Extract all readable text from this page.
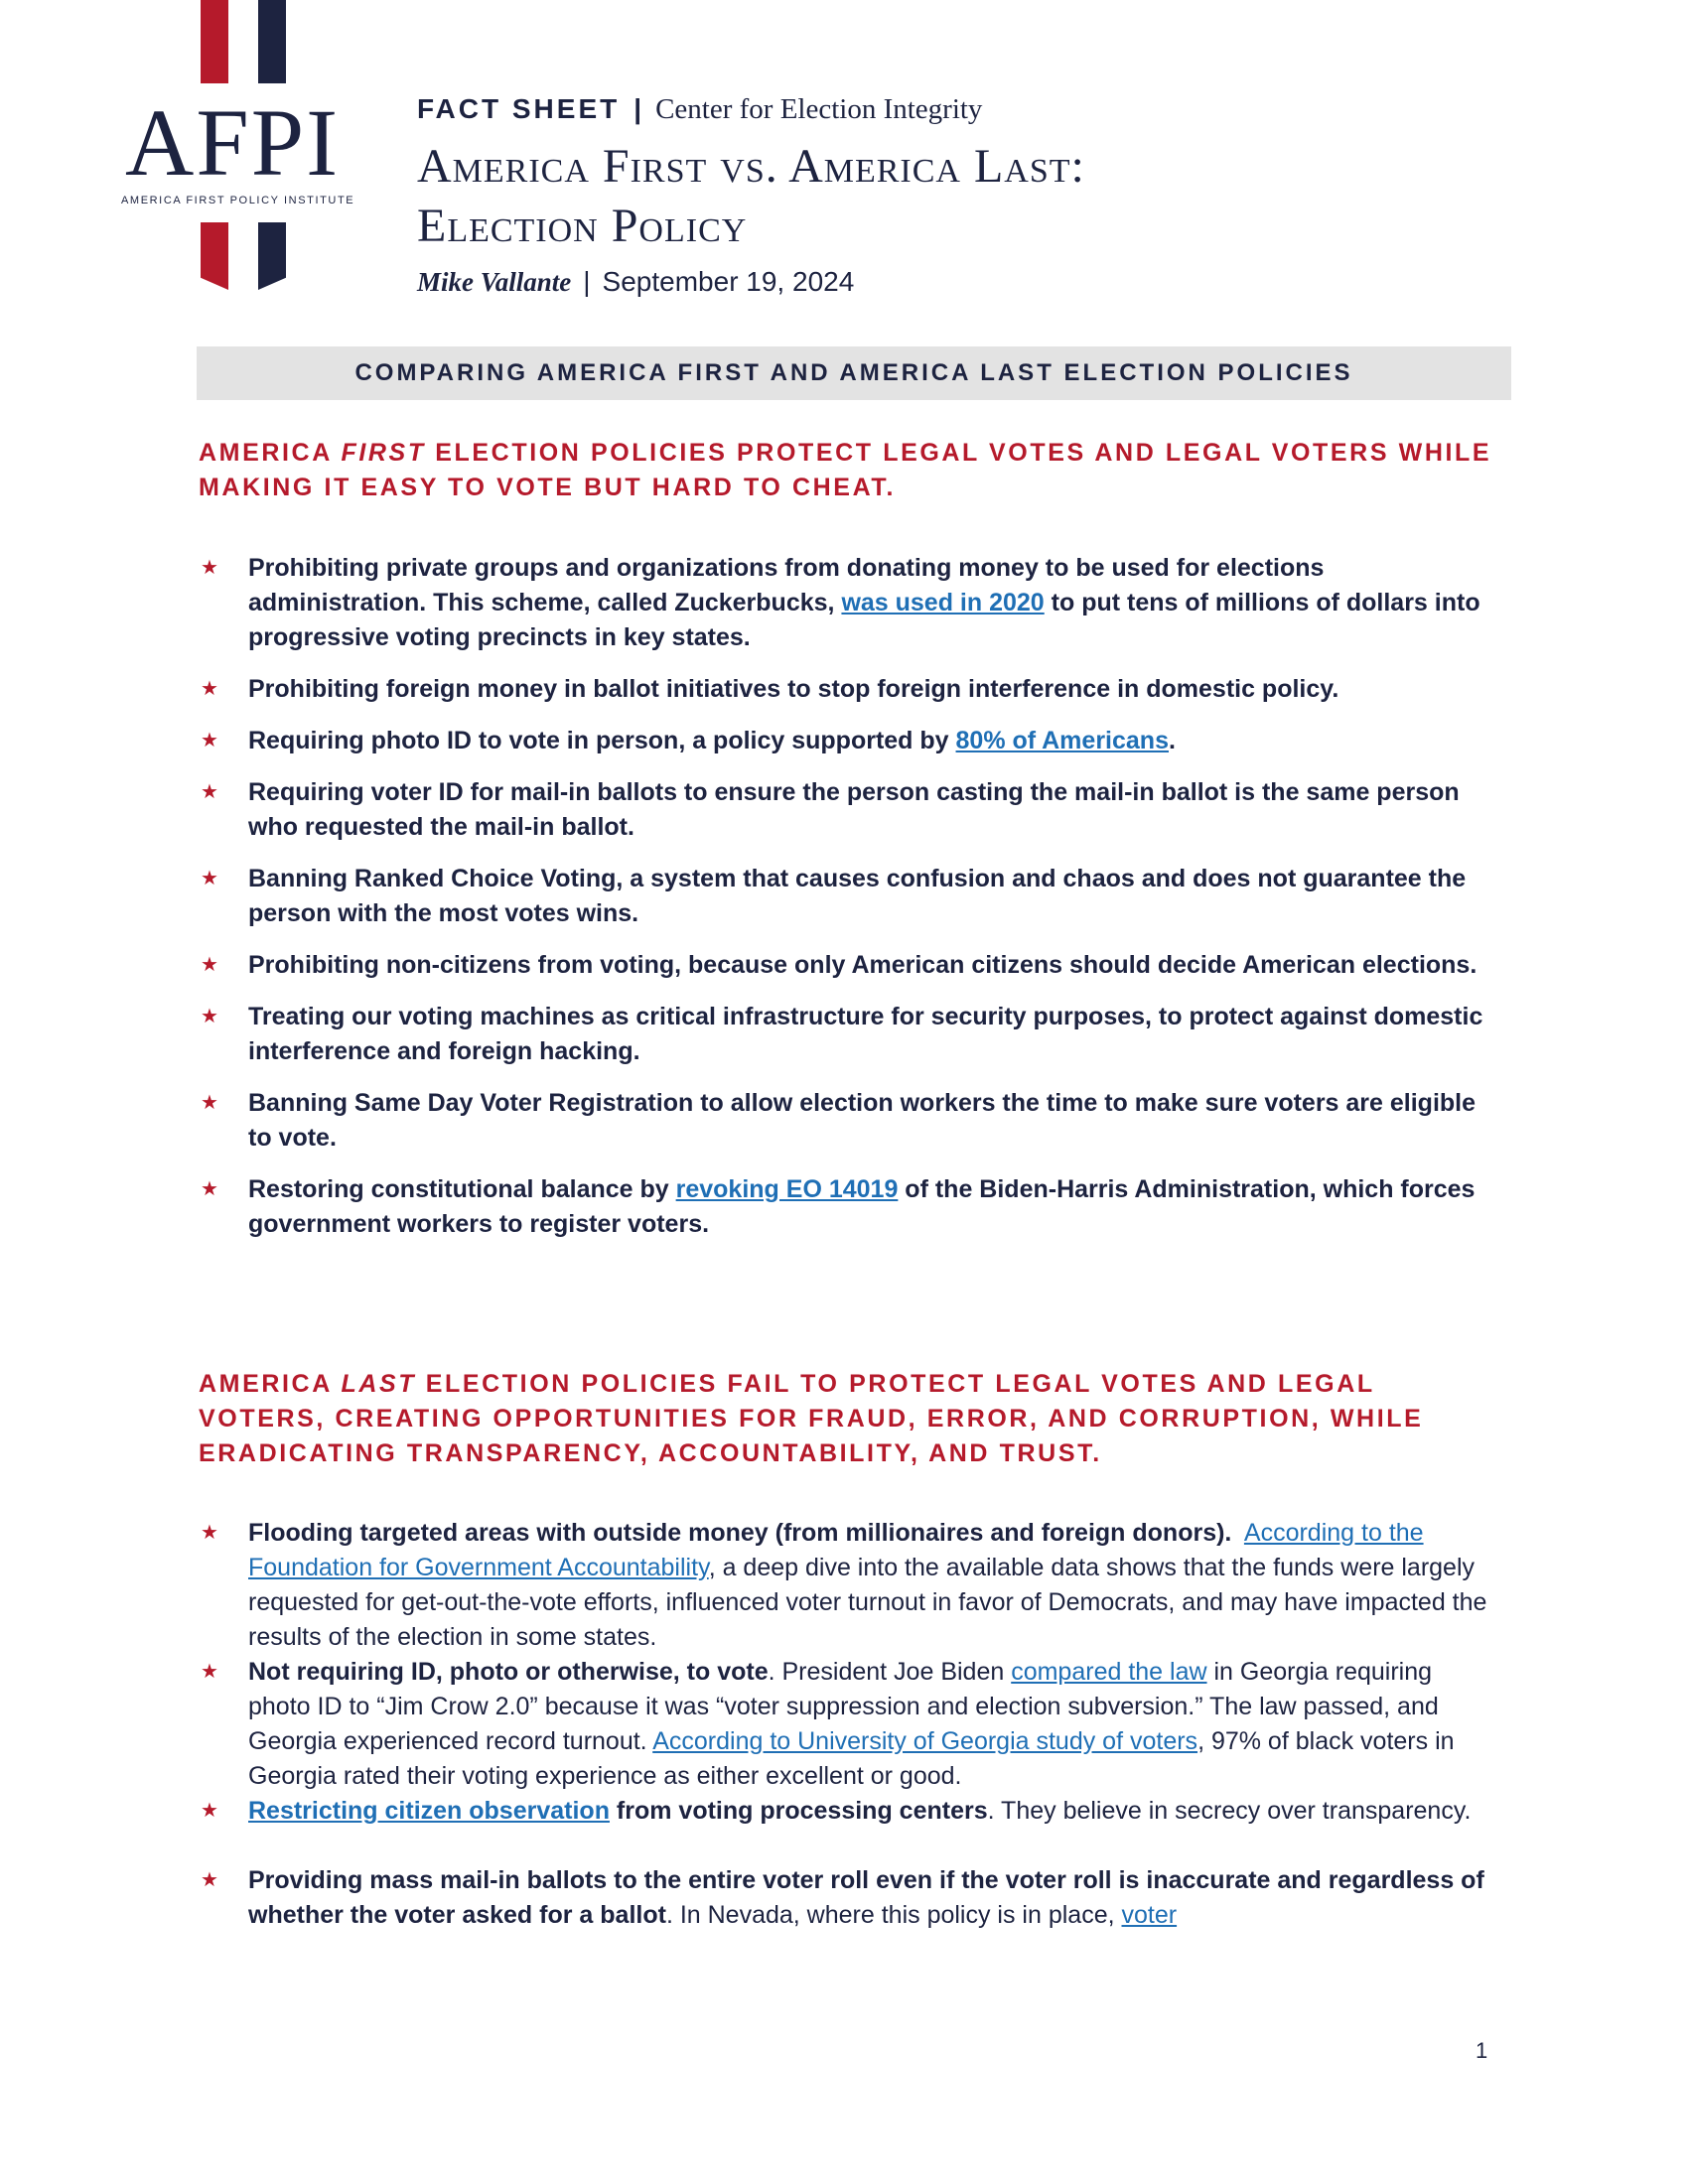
AFPI
AMERICA FIRST POLICY INSTITUTE
FACT SHEET | Center for Election Integrity
America First vs. America Last:
Election Policy
Mike Vallante | September 19, 2024
COMPARING AMERICA FIRST AND AMERICA LAST ELECTION POLICIES
AMERICA FIRST ELECTION POLICIES PROTECT LEGAL VOTES AND LEGAL VOTERS WHILE MAKING IT EASY TO VOTE BUT HARD TO CHEAT.
★ Prohibiting private groups and organizations from donating money to be used for elections administration. This scheme, called Zuckerbucks, was used in 2020 to put tens of millions of dollars into progressive voting precincts in key states.
★ Prohibiting foreign money in ballot initiatives to stop foreign interference in domestic policy.
★ Requiring photo ID to vote in person, a policy supported by 80% of Americans.
★ Requiring voter ID for mail-in ballots to ensure the person casting the mail-in ballot is the same person who requested the mail-in ballot.
★ Banning Ranked Choice Voting, a system that causes confusion and chaos and does not guarantee the person with the most votes wins.
★ Prohibiting non-citizens from voting, because only American citizens should decide American elections.
★ Treating our voting machines as critical infrastructure for security purposes, to protect against domestic interference and foreign hacking.
★ Banning Same Day Voter Registration to allow election workers the time to make sure voters are eligible to vote.
★ Restoring constitutional balance by revoking EO 14019 of the Biden-Harris Administration, which forces government workers to register voters.
AMERICA LAST ELECTION POLICIES FAIL TO PROTECT LEGAL VOTES AND LEGAL VOTERS, CREATING OPPORTUNITIES FOR FRAUD, ERROR, AND CORRUPTION, WHILE ERADICATING TRANSPARENCY, ACCOUNTABILITY, AND TRUST.
★ Flooding targeted areas with outside money (from millionaires and foreign donors). According to the Foundation for Government Accountability, a deep dive into the available data shows that the funds were largely requested for get-out-the-vote efforts, influenced voter turnout in favor of Democrats, and may have impacted the results of the election in some states.
★ Not requiring ID, photo or otherwise, to vote. President Joe Biden compared the law in Georgia requiring photo ID to “Jim Crow 2.0” because it was “voter suppression and election subversion.” The law passed, and Georgia experienced record turnout. According to University of Georgia study of voters, 97% of black voters in Georgia rated their voting experience as either excellent or good.
★ Restricting citizen observation from voting processing centers. They believe in secrecy over transparency.
★ Providing mass mail-in ballots to the entire voter roll even if the voter roll is inaccurate and regardless of whether the voter asked for a ballot. In Nevada, where this policy is in place, voter
1
